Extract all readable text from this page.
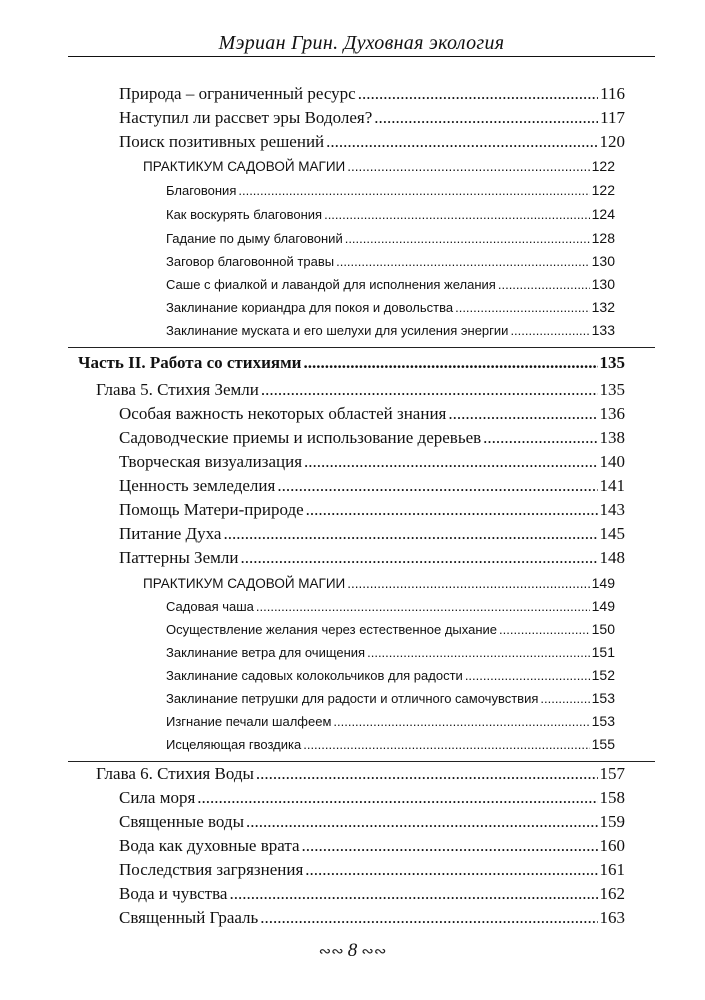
Мэриан Грин. Духовная экология
Природа – ограниченный ресурс .....	116
Наступил ли рассвет эры Водолея? .....	117
Поиск позитивных решений .....	120
ПРАКТИКУМ САДОВОЙ МАГИИ .....	122
Благовония .....	122
Как воскурять благовония .....	124
Гадание по дыму благовоний .....	128
Заговор благовонной травы .....	130
Саше с фиалкой и лавандой для исполнения желания .....	130
Заклинание кориандра для покоя и довольства .....	132
Заклинание муската и его шелухи для усиления энергии .....	133
Часть II. Работа со стихиями .....	135
Глава 5. Стихия Земли .....	135
Особая важность некоторых областей знания .....	136
Садоводческие приемы и использование деревьев .....	138
Творческая визуализация .....	140
Ценность земледелия .....	141
Помощь Матери-природе .....	143
Питание Духа .....	145
Паттерны Земли .....	148
ПРАКТИКУМ САДОВОЙ МАГИИ .....	149
Садовая чаша .....	149
Осуществление желания через естественное дыхание .....	150
Заклинание ветра для очищения .....	151
Заклинание садовых колокольчиков для радости .....	152
Заклинание петрушки для радости и отличного самочувствия .....	153
Изгнание печали шалфеем .....	153
Исцеляющая гвоздика .....	155
Глава 6. Стихия Воды .....	157
Сила моря .....	158
Священные воды .....	159
Вода как духовные врата .....	160
Последствия загрязнения .....	161
Вода и чувства .....	162
Священный Грааль .....	163
∾∾ 8 ∾∾
